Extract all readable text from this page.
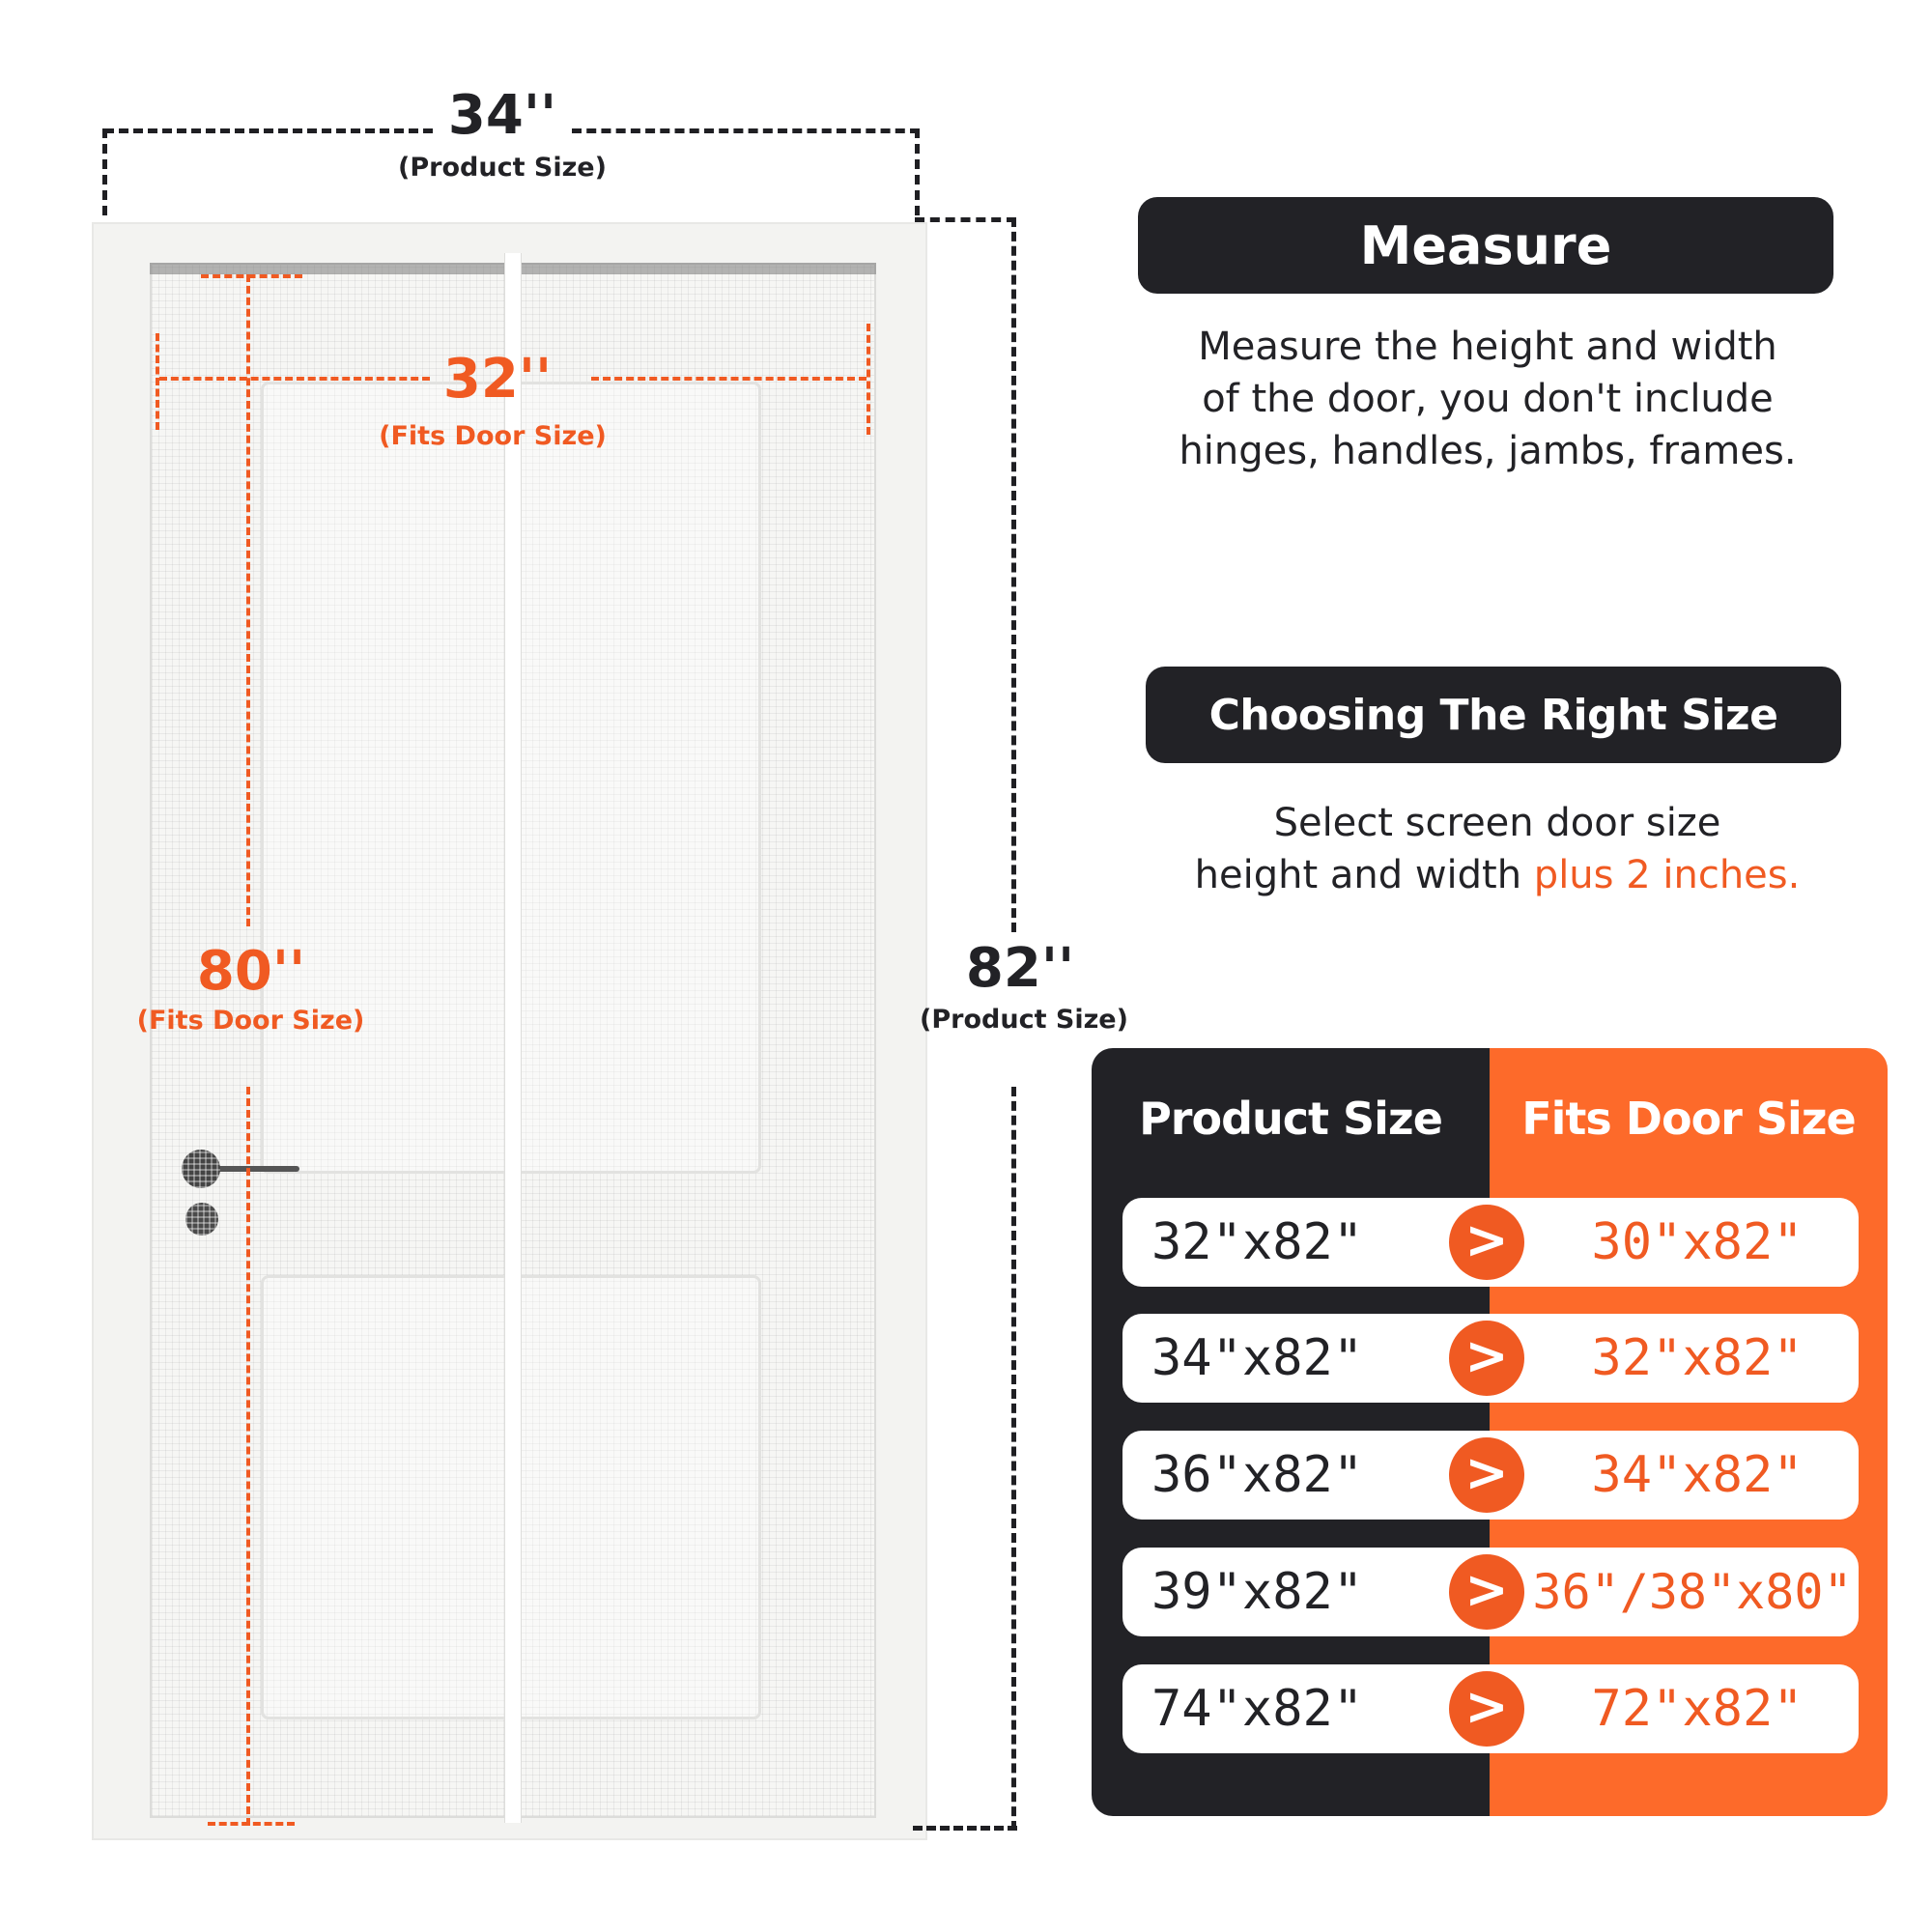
34''
(Product Size)
82''
(Product Size)
32''
(Fits Door Size)
80''
(Fits Door Size)
Measure
Measure the height and width
of the door, you don't include
hinges, handles, jambs, frames.
Choosing The Right Size
Select screen door size
height and width plus 2 inches.
Product Size	Fits Door Size
32"x82"	>	30"x82"
34"x82"	>	32"x82"
36"x82"	>	34"x82"
39"x82"	> 36"/38"x80"
74"x82"	>	72"x82"
